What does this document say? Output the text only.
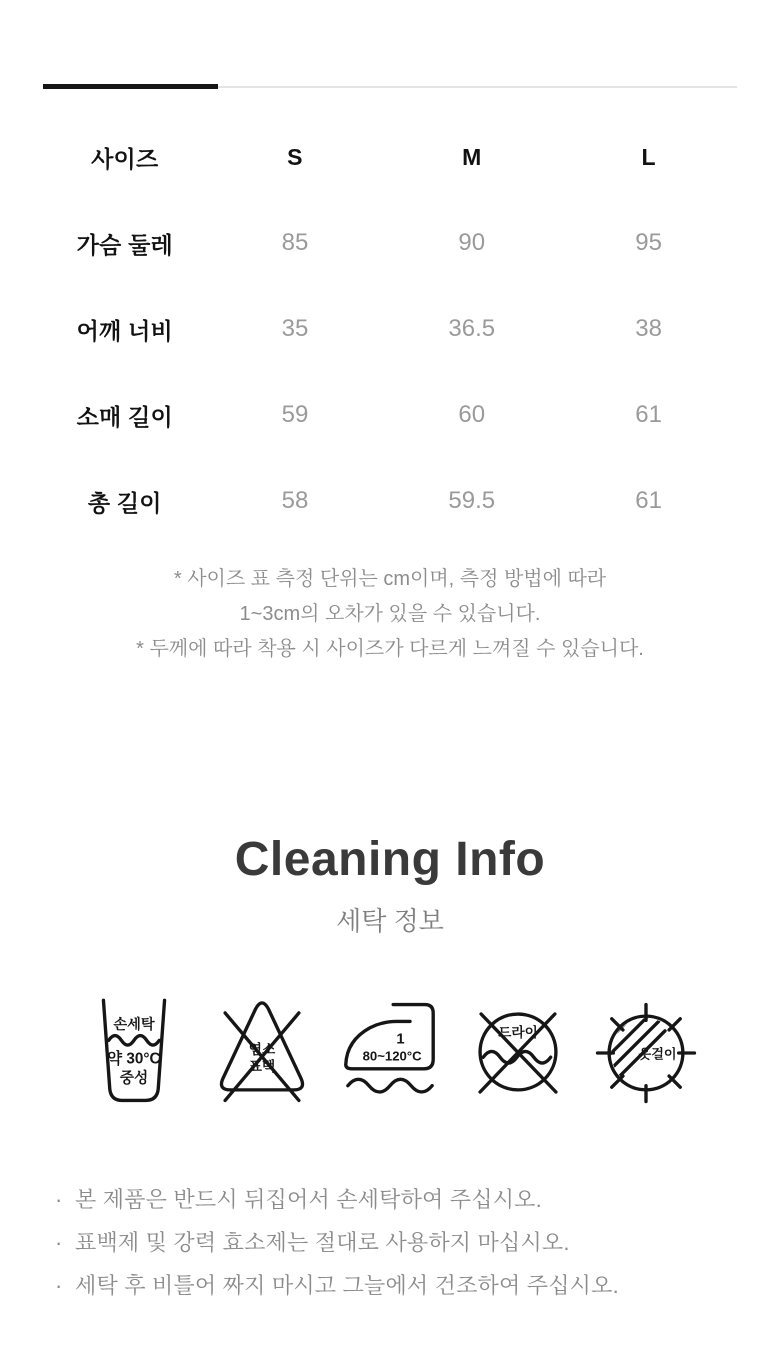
사이즈	S	M	L
가슴 둘레	85	90	95
어깨 너비	35	36.5	38
소매 길이	59	60	61
총 길이	58	59.5	61
* 사이즈 표 측정 단위는 cm이며, 측정 방법에 따라
1~3cm의 오차가 있을 수 있습니다.
* 두께에 따라 착용 시 사이즈가 다르게 느껴질 수 있습니다.
Cleaning Info
세탁 정보
손세탁
약 30°C
중성
염소
표백
1
80~120°C
드라이
옷걸이
· 본 제품은 반드시 뒤집어서 손세탁하여 주십시오.
· 표백제 및 강력 효소제는 절대로 사용하지 마십시오.
· 세탁 후 비틀어 짜지 마시고 그늘에서 건조하여 주십시오.
